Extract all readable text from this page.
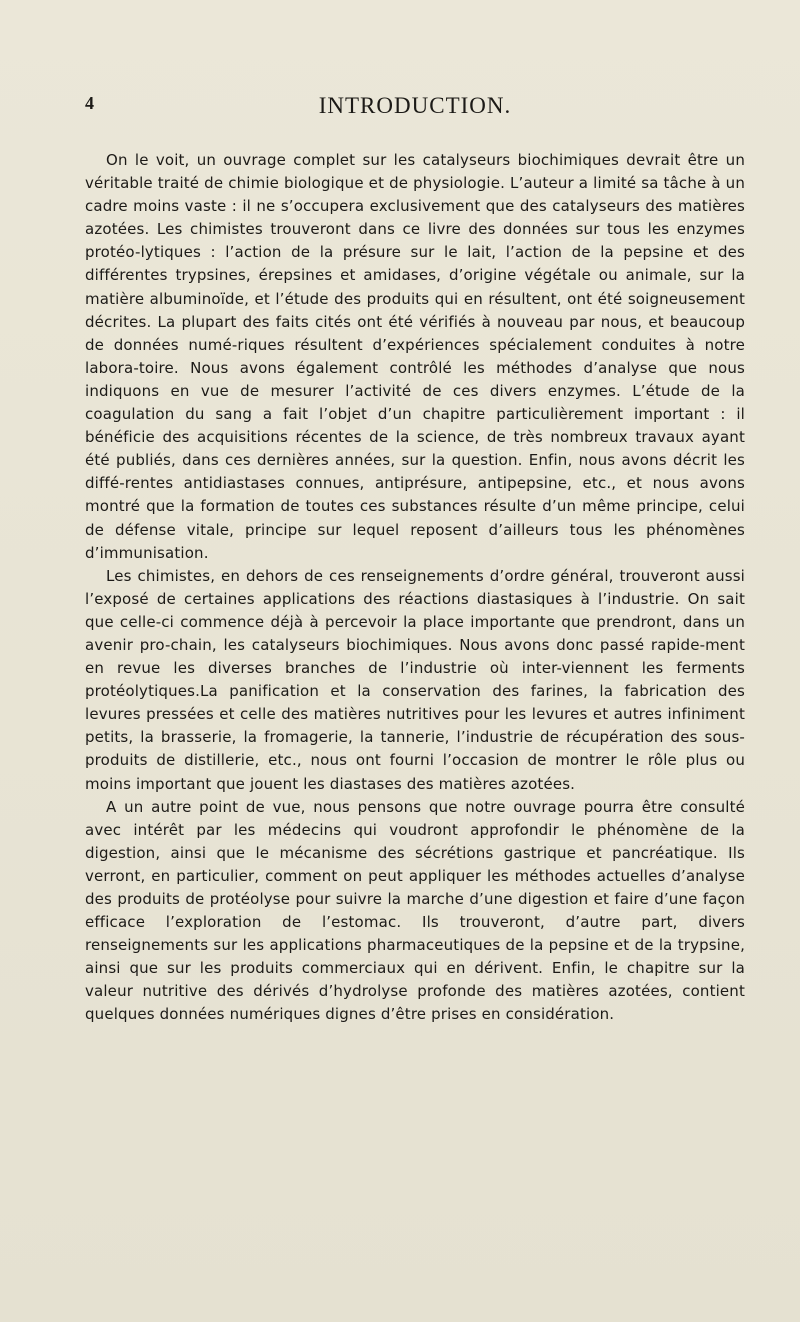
4	INTRODUCTION.

On le voit, un ouvrage complet sur les catalyseurs biochimiques devrait être un véritable traité de chimie biologique et de physiologie. L’auteur a limité sa tâche à un cadre moins vaste : il ne s’occupera exclusivement que des catalyseurs des matières azotées. Les chimistes trouveront dans ce livre des données sur tous les enzymes protéo-lytiques : l’action de la présure sur le lait, l’action de la pepsine et des différentes trypsines, érepsines et amidases, d’origine végétale ou animale, sur la matière albuminoïde, et l’étude des produits qui en résultent, ont été soigneusement décrites. La plupart des faits cités ont été vérifiés à nouveau par nous, et beaucoup de données numé-riques résultent d’expériences spécialement conduites à notre labora-toire. Nous avons également contrôlé les méthodes d’analyse que nous indiquons en vue de mesurer l’activité de ces divers enzymes. L’étude de la coagulation du sang a fait l’objet d’un chapitre particulièrement important : il bénéficie des acquisitions récentes de la science, de très nombreux travaux ayant été publiés, dans ces dernières années, sur la question. Enfin, nous avons décrit les diffé-rentes antidiastases connues, antiprésure, antipepsine, etc., et nous avons montré que la formation de toutes ces substances résulte d’un même principe, celui de défense vitale, principe sur lequel reposent d’ailleurs tous les phénomènes d’immunisation.

Les chimistes, en dehors de ces renseignements d’ordre général, trouveront aussi l’exposé de certaines applications des réactions diastasiques à l’industrie. On sait que celle-ci commence déjà à percevoir la place importante que prendront, dans un avenir pro-chain, les catalyseurs biochimiques. Nous avons donc passé rapide-ment en revue les diverses branches de l’industrie où inter-viennent les ferments protéolytiques.La panification et la conservation des farines, la fabrication des levures pressées et celle des matières nutritives pour les levures et autres infiniment petits, la brasserie, la fromagerie, la tannerie, l’industrie de récupération des sous-produits de distillerie, etc., nous ont fourni l’occasion de montrer le rôle plus ou moins important que jouent les diastases des matières azotées.

A un autre point de vue, nous pensons que notre ouvrage pourra être consulté avec intérêt par les médecins qui voudront approfondir le phénomène de la digestion, ainsi que le mécanisme des sécrétions gastrique et pancréatique. Ils verront, en particulier, comment on peut appliquer les méthodes actuelles d’analyse des produits de protéolyse pour suivre la marche d’une digestion et faire d’une façon efficace l’exploration de l’estomac. Ils trouveront, d’autre part, divers renseignements sur les applications pharmaceutiques de la pepsine et de la trypsine, ainsi que sur les produits commerciaux qui en dérivent. Enfin, le chapitre sur la valeur nutritive des dérivés d’hydrolyse profonde des matières azotées, contient quelques données numériques dignes d’être prises en considération.
